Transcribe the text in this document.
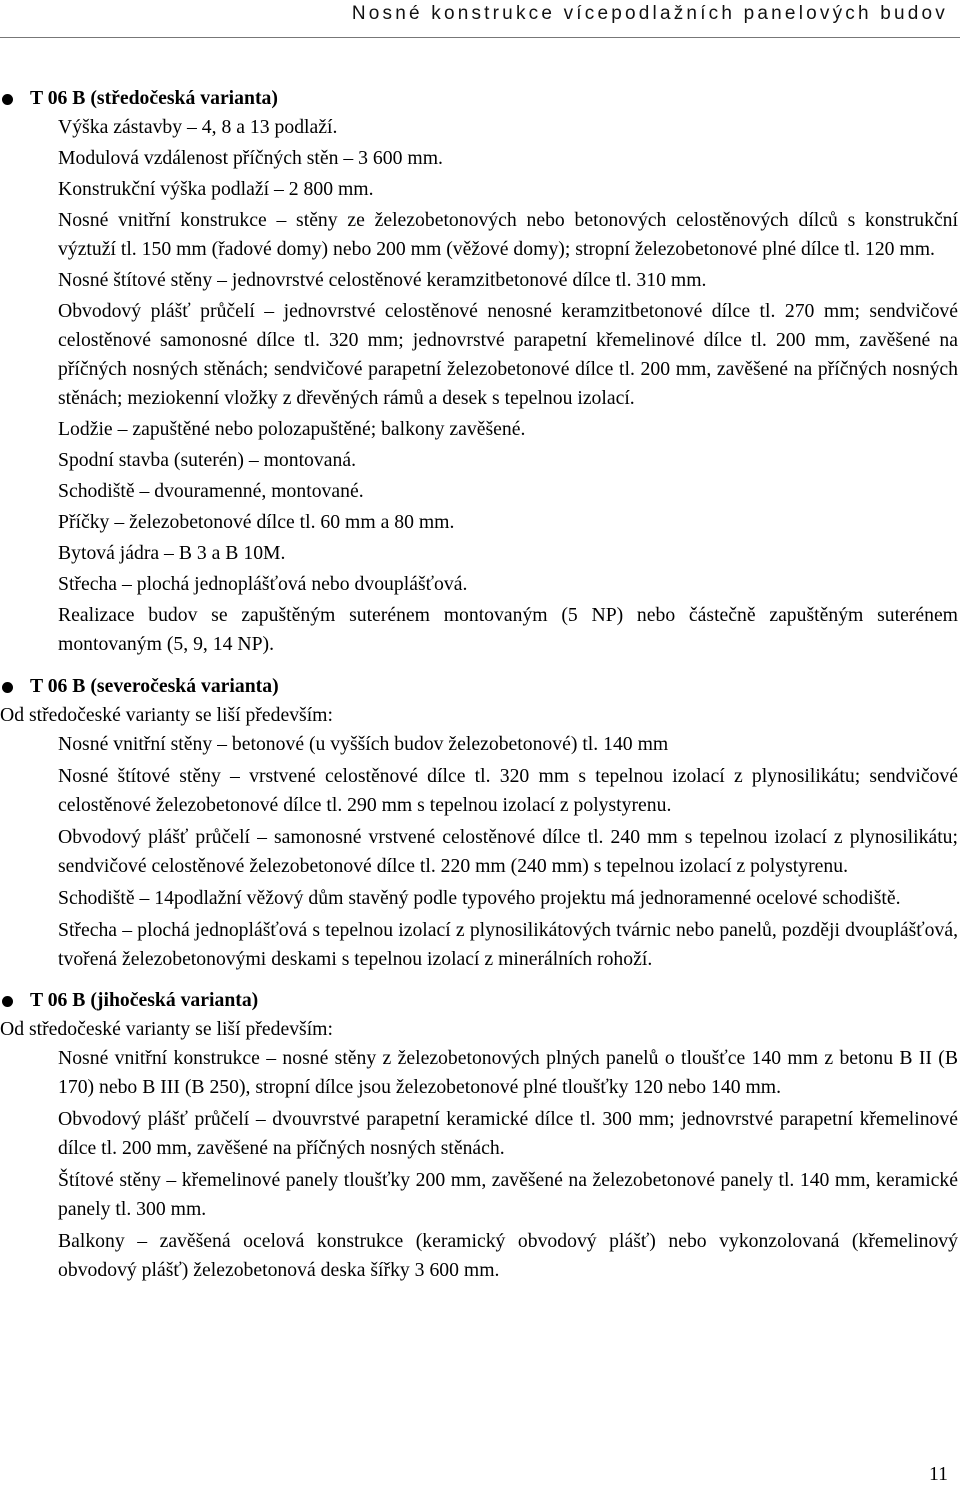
Nosné konstrukce vícepodlažních panelových budov
T 06 B (středočeská varianta)
Výška zástavby – 4, 8 a 13 podlaží.
Modulová vzdálenost příčných stěn – 3 600 mm.
Konstrukční výška podlaží – 2 800 mm.
Nosné vnitřní konstrukce – stěny ze železobetonových nebo betonových celostěnových dílců s konstrukční výztuží tl. 150 mm (řadové domy) nebo 200 mm (věžové domy); stropní železobetonové plné dílce tl. 120 mm.
Nosné štítové stěny – jednovrstvé celostěnové keramzitbetonové dílce tl. 310 mm.
Obvodový plášť průčelí – jednovrstvé celostěnové nenosné keramzitbetonové dílce tl. 270 mm; sendvičové celostěnové samonosné dílce tl. 320 mm; jednovrstvé parapetní křemelinové dílce tl. 200 mm, zavěšené na příčných nosných stěnách; sendvičové parapetní železobetonové dílce tl. 200 mm, zavěšené na příčných nosných stěnách; meziokenní vložky z dřevěných rámů a desek s tepelnou izolací.
Lodžie – zapuštěné nebo polozapuštěné; balkony zavěšené.
Spodní stavba (suterén) – montovaná.
Schodiště – dvouramenné, montované.
Příčky – železobetonové dílce tl. 60 mm a 80 mm.
Bytová jádra – B 3 a B 10M.
Střecha – plochá jednoplášťová nebo dvouplášťová.
Realizace budov se zapuštěným suterénem montovaným (5 NP) nebo částečně zapuštěným suterénem montovaným (5, 9, 14 NP).
T 06 B (severočeská varianta)
Od středočeské varianty se liší především:
Nosné vnitřní stěny – betonové (u vyšších budov železobetonové) tl. 140 mm
Nosné štítové stěny – vrstvené celostěnové dílce tl. 320 mm s tepelnou izolací z plynosilikátu; sendvičové celostěnové železobetonové dílce tl. 290 mm s tepelnou izolací z polystyrenu.
Obvodový plášť průčelí – samonosné vrstvené celostěnové dílce tl. 240 mm s tepelnou izolací z plynosilikátu; sendvičové celostěnové železobetonové dílce tl. 220 mm (240 mm) s tepelnou izolací z polystyrenu.
Schodiště – 14podlažní věžový dům stavěný podle typového projektu má jednoramenné ocelové schodiště.
Střecha – plochá jednoplášťová s tepelnou izolací z plynosilikátových tvárnic nebo panelů, později dvouplášťová, tvořená železobetonovými deskami s tepelnou izolací z minerálních rohoží.
T 06 B (jihočeská varianta)
Od středočeské varianty se liší především:
Nosné vnitřní konstrukce – nosné stěny z železobetonových plných panelů o tloušťce 140 mm z betonu B II (B 170) nebo B III (B 250), stropní dílce jsou železobetonové plné tloušťky 120 nebo 140 mm.
Obvodový plášť průčelí – dvouvrstvé parapetní keramické dílce tl. 300 mm; jednovrstvé parapetní křemelinové dílce tl. 200 mm, zavěšené na příčných nosných stěnách.
Štítové stěny – křemelinové panely tloušťky 200 mm, zavěšené na železobetonové panely tl. 140 mm, keramické panely tl. 300 mm.
Balkony – zavěšená ocelová konstrukce (keramický obvodový plášť) nebo vykonzolovaná (křemelinový obvodový plášť) železobetonová deska šířky 3 600 mm.
11
